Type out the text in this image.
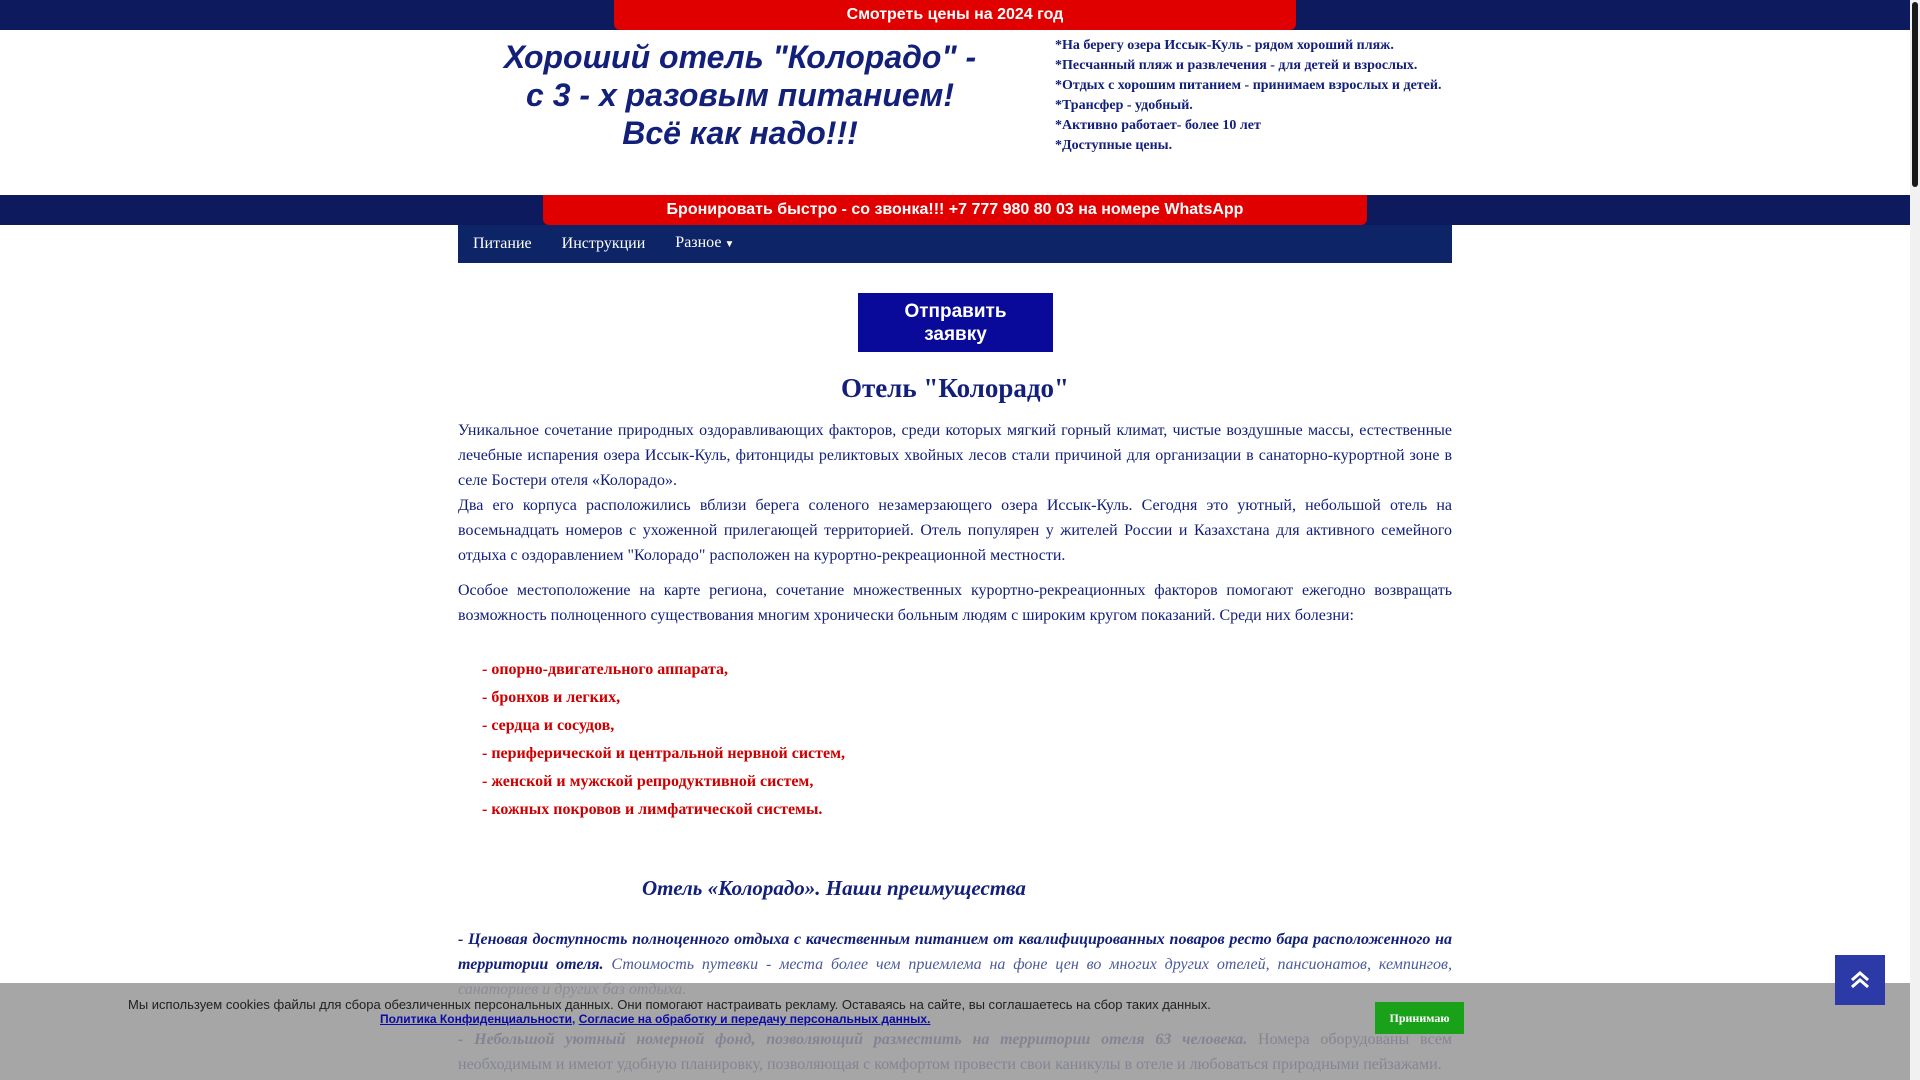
Смотреть цены на 2024 год
Хороший отель "Колорадо" -
с 3 - х разовым питанием!
Всё как надо!!!
*На берегу озера Иссык-Куль - рядом хороший пляж.
*Песчанный пляж и развлечения - для детей и взрослых.
*Отдых с хорошим питанием - принимаем взрослых и детей.
*Трансфер - удобный.
*Активно работает- более 10 лет
*Доступные цены.
Бронировать быстро - со звонка!!! +7 777 980 80 03 на номере WhatsApp
Питание	Инструкции	Разное ▼
Отправить
заявку
Отель "Колорадо"

Уникальное сочетание природных оздоравливающих факторов, среди которых мягкий горный климат, чистые воздушные массы, естественные лечебные испарения озера Иссык-Куль, фитонциды реликтовых хвойных лесов стали причиной для организации в санаторно-курортной зоне в селе Бостери отеля «Колорадо».

Два его корпуса расположились вблизи берега соленого незамерзающего озера Иссык-Куль. Сегодня это уютный, небольшой отель на восемьнадцать номеров с ухоженной прилегающей территорией. Отель популярен у жителей России и Казахстана для активного семейного отдыха с оздоравлением "Колорадо" расположен на курортно-рекреационной местности.

Особое местоположение на карте региона, сочетание множественных курортно-рекреационных факторов помогают ежегодно возвращать возможность полноценного существования многим хронически больным людям с широким кругом показаний. Среди них болезни:

- опорно-двигательного аппарата,
- бронхов и легких,
- сердца и сосудов,
- периферической и центральной нервной систем,
- женской и мужской репродуктивной систем,
- кожных покровов и лимфатической системы.
Отель «Колорадо». Наши преимущества
- Ценовая доступность полноценного отдыха с качественным питанием от квалифицированных поваров ресто бара расположенного на территории отеля. Стоимость путевки - места более чем приемлема на фоне цен во многих других отелей, пансионатов, кемпингов,
Мы используем cookies файлы для сбора обезличенных персональных данных. Они помогают настраивать рекламу. Оставаясь на сайте, вы соглашаетесь на сбор таких данных.
Политика Конфиденциальности, Согласие на обработку и передачу персональных данных.	Принимаю
